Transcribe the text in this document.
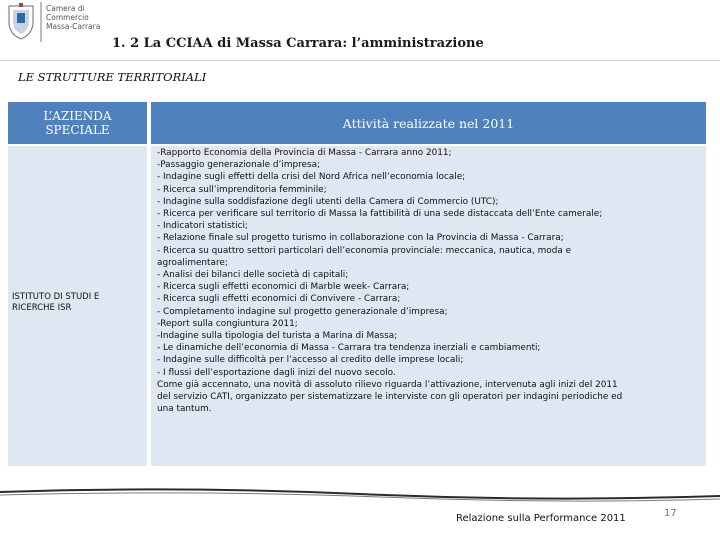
Camera di Commercio
Massa-Carrara
1. 2 La CCIAA di Massa Carrara: l’amministrazione
LE STRUTTURE TERRITORIALI
L’AZIENDA SPECIALE	Attività realizzate nel 2011
ISTITUTO DI STUDI E RICERCHE ISR
-Rapporto Economia della Provincia di Massa - Carrara anno 2011;
-Passaggio generazionale d’impresa;
- Indagine sugli effetti della crisi del Nord Africa nell’economia locale;
- Ricerca sull’imprenditoria femminile;
- Indagine sulla soddisfazione degli utenti della Camera di Commercio (UTC);
- Ricerca per verificare sul territorio di Massa la fattibilità di una sede distaccata dell’Ente camerale;
- Indicatori statistici;
- Relazione finale sul progetto turismo in collaborazione con la Provincia di Massa - Carrara;
- Ricerca su quattro settori particolari dell’economia provinciale: meccanica, nautica, moda e
agroalimentare;
- Analisi dei bilanci delle società di capitali;
- Ricerca sugli effetti economici di Marble week- Carrara;
- Ricerca sugli effetti economici di Convivere - Carrara;
- Completamento indagine sul progetto generazionale d’impresa;
-Report sulla congiuntura 2011;
-Indagine sulla tipologia del turista a Marina di Massa;
- Le dinamiche dell’economia di Massa - Carrara tra tendenza inerziali e cambiamenti;
- Indagine sulle difficoltà per l’accesso al credito delle imprese locali;
- I flussi dell’esportazione dagli inizi del nuovo secolo.
Come già accennato, una novità di assoluto rilievo riguarda l’attivazione, intervenuta agli inizi del 2011
del servizio CATI, organizzato per sistematizzare le interviste con gli operatori per indagini periodiche ed
una tantum.
Relazione sulla Performance 2011	17
